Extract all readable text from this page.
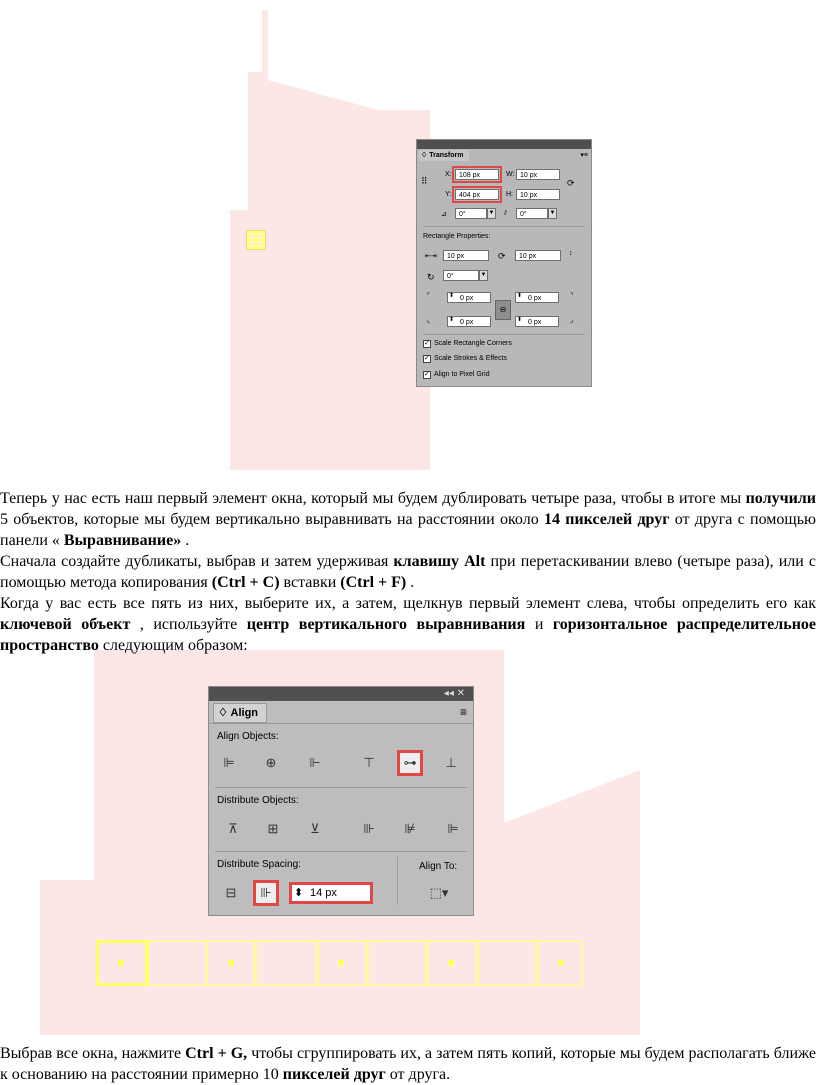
♢ Transform	▾≡
⠿
X:	108 px
Y:	404 px
W: 10 px
H:	10 px
⟳
⊿	0°	▼ ⫽	0°	▼
Rectangle Properties:
⇤⇥	10 px	⟳	10 px	↕
↻	0°	▼
⌜	0 px
⬍	0 px
⬍	⌝
⊖
⌞	0 px
⬍	0 px
⬍	⌟
✓ Scale Rectangle Corners
✓ Scale Strokes & Effects
✓ Align to Pixel Grid
Теперь у нас есть наш первый элемент окна, который мы будем дублировать четыре раза, чтобы в итоге мы получили 5 объектов, которые мы будем вертикально выравнивать на расстоянии около 14 пикселей друг от друга с помощью панели « Выравнивание» .
Сначала создайте дубликаты, выбрав и затем удерживая клавишу Alt при перетаскивании влево (четыре раза), или с помощью метода копирования (Ctrl + C) вставки (Ctrl + F) .
Когда у вас есть все пять из них, выберите их, а затем, щелкнув первый элемент слева, чтобы определить его как ключевой объект , используйте центр вертикального выравнивания и горизонтальное распределительное пространство следующим образом:
◂◂ ✕
♢ Align	≡
Align Objects:
⊫	⊕	⊩	⊤	⊶	⊥
Distribute Objects:
⊼	⊞	⊻	⊪	⊯	⊫
Distribute Spacing:	Align To:
⊟	⊪	⬍ 14 px	⬚▾
Выбрав все окна, нажмите Ctrl + G, чтобы сгруппировать их, а затем пять копий, которые мы будем располагать ближе к основанию на расстоянии примерно 10 пикселей друг от друга.
